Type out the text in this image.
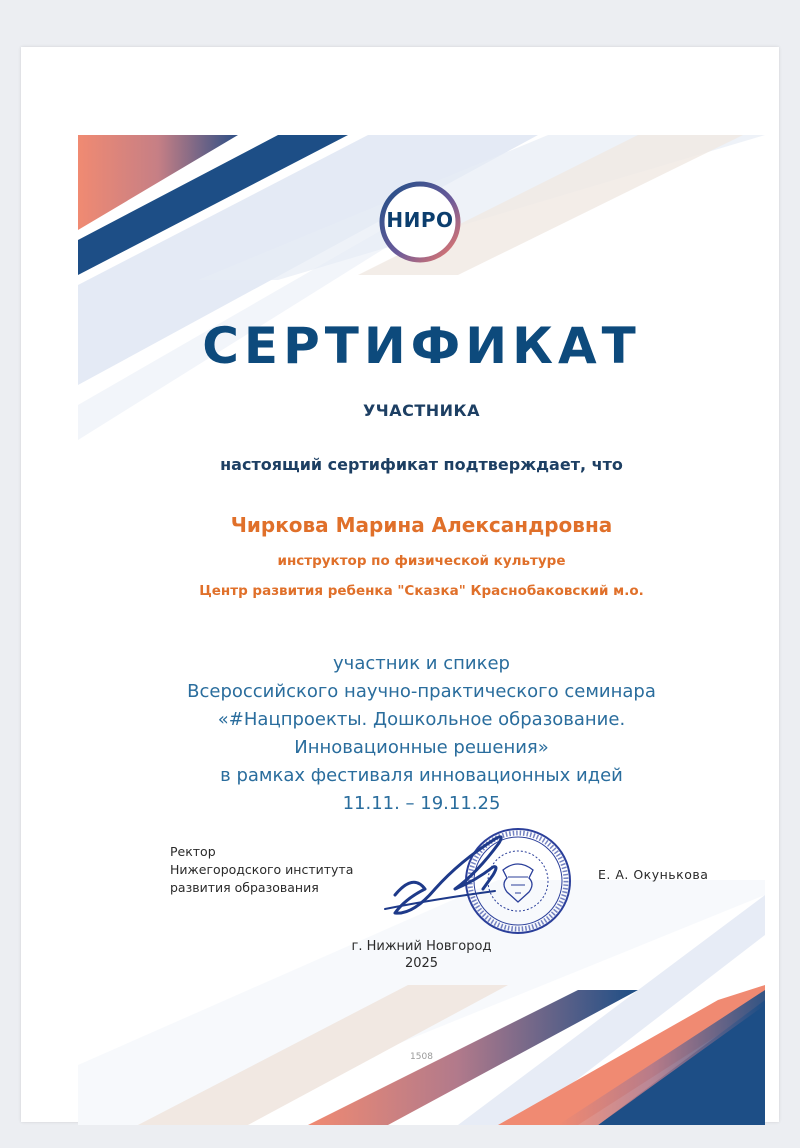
НИРО
СЕРТИФИКАТ
УЧАСТНИКА
настоящий сертификат подтверждает, что
Чиркова Марина Александровна
инструктор по физической культуре
Центр развития ребенка "Сказка" Краснобаковский м.о.
участник и спикер
Всероссийского научно-практического семинара
«#Нацпроекты. Дошкольное образование.
Инновационные решения»
в рамках фестиваля инновационных идей
11.11. – 19.11.25
Ректор
Нижегородского института
развития образования
Е. А. Окунькова
г. Нижний Новгород
2025
1508
